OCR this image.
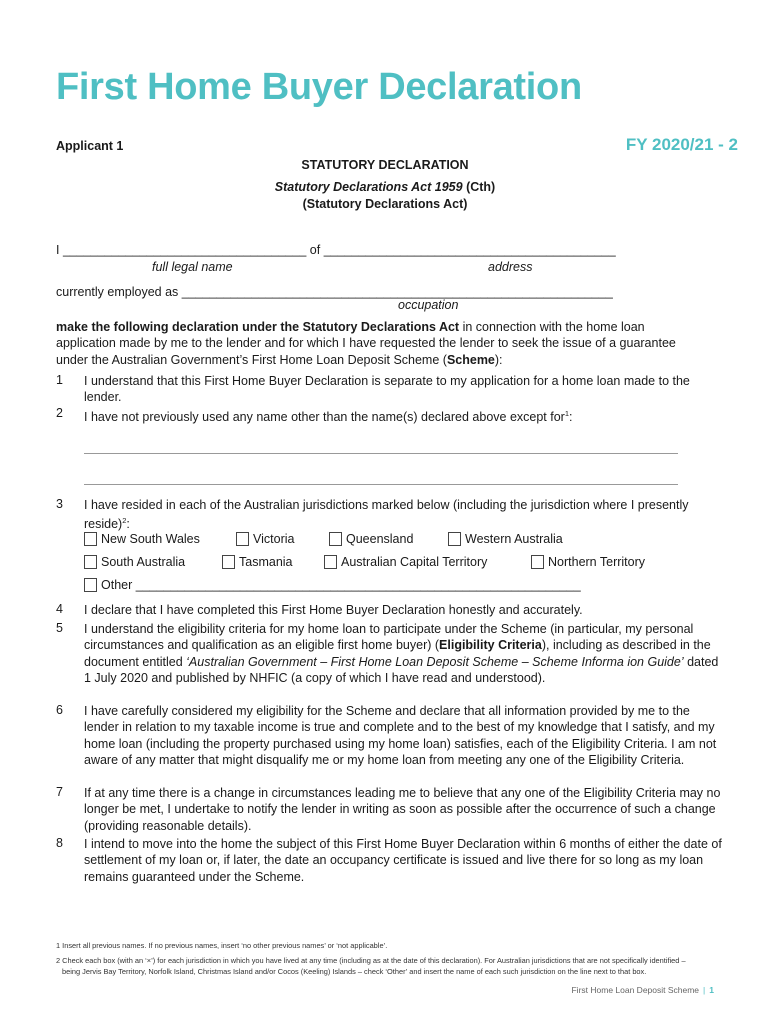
First Home Buyer Declaration
Applicant 1	FY 2020/21 - 2
STATUTORY DECLARATION
Statutory Declarations Act 1959 (Cth)
(Statutory Declarations Act)
I ___________________________________ of __________________________________________
full legal name	address
currently employed as ______________________________________________________________
occupation
make the following declaration under the Statutory Declarations Act in connection with the home loan application made by me to the lender and for which I have requested the lender to seek the issue of a guarantee under the Australian Government’s First Home Loan Deposit Scheme (Scheme):
1 I understand that this First Home Buyer Declaration is separate to my application for a home loan made to the lender.
2 I have not previously used any name other than the name(s) declared above except for$^1$:
3 I have resided in each of the Australian jurisdictions marked below (including the jurisdiction where I presently reside)$^2$:
New South Wales	Victoria	Queensland	Western Australia
South Australia	Tasmania	Australian Capital Territory	Northern Territory
Other
________________________________________________________________
4 I declare that I have completed this First Home Buyer Declaration honestly and accurately.
5 I understand the eligibility criteria for my home loan to participate under the Scheme (in particular, my personal circumstances and qualification as an eligible first home buyer) (Eligibility Criteria), including as described in the document entitled ‘Australian Government – First Home Loan Deposit Scheme – Scheme Informa ion Guide’ dated 1 July 2020 and published by NHFIC (a copy of which I have read and understood).
6 I have carefully considered my eligibility for the Scheme and declare that all information provided by me to the lender in relation to my taxable income is true and complete and to the best of my knowledge that I satisfy, and my home loan (including the property purchased using my home loan) satisfies, each of the Eligibility Criteria. I am not aware of any matter that might disqualify me or my home loan from meeting any one of the Eligibility Criteria.
7 If at any time there is a change in circumstances leading me to believe that any one of the Eligibility Criteria may no longer be met, I undertake to notify the lender in writing as soon as possible after the occurrence of such a change (providing reasonable details).
8 I intend to move into the home the subject of this First Home Buyer Declaration within 6 months of either the date of settlement of my loan or, if later, the date an occupancy certificate is issued and live there for so long as my loan remains guaranteed under the Scheme.
1 Insert all previous names. If no previous names, insert ‘no other previous names’ or ‘not applicable’.
2 Check each box (with an ‘×’) for each jurisdiction in which you have lived at any time (including as at the date of this declaration). For Australian jurisdictions that are not specifically identified – being Jervis Bay Territory, Norfolk Island, Christmas Island and/or Cocos (Keeling) Islands – check ‘Other’ and insert the name of each such jurisdiction on the line next to that box.
First Home Loan Deposit Scheme | 1
